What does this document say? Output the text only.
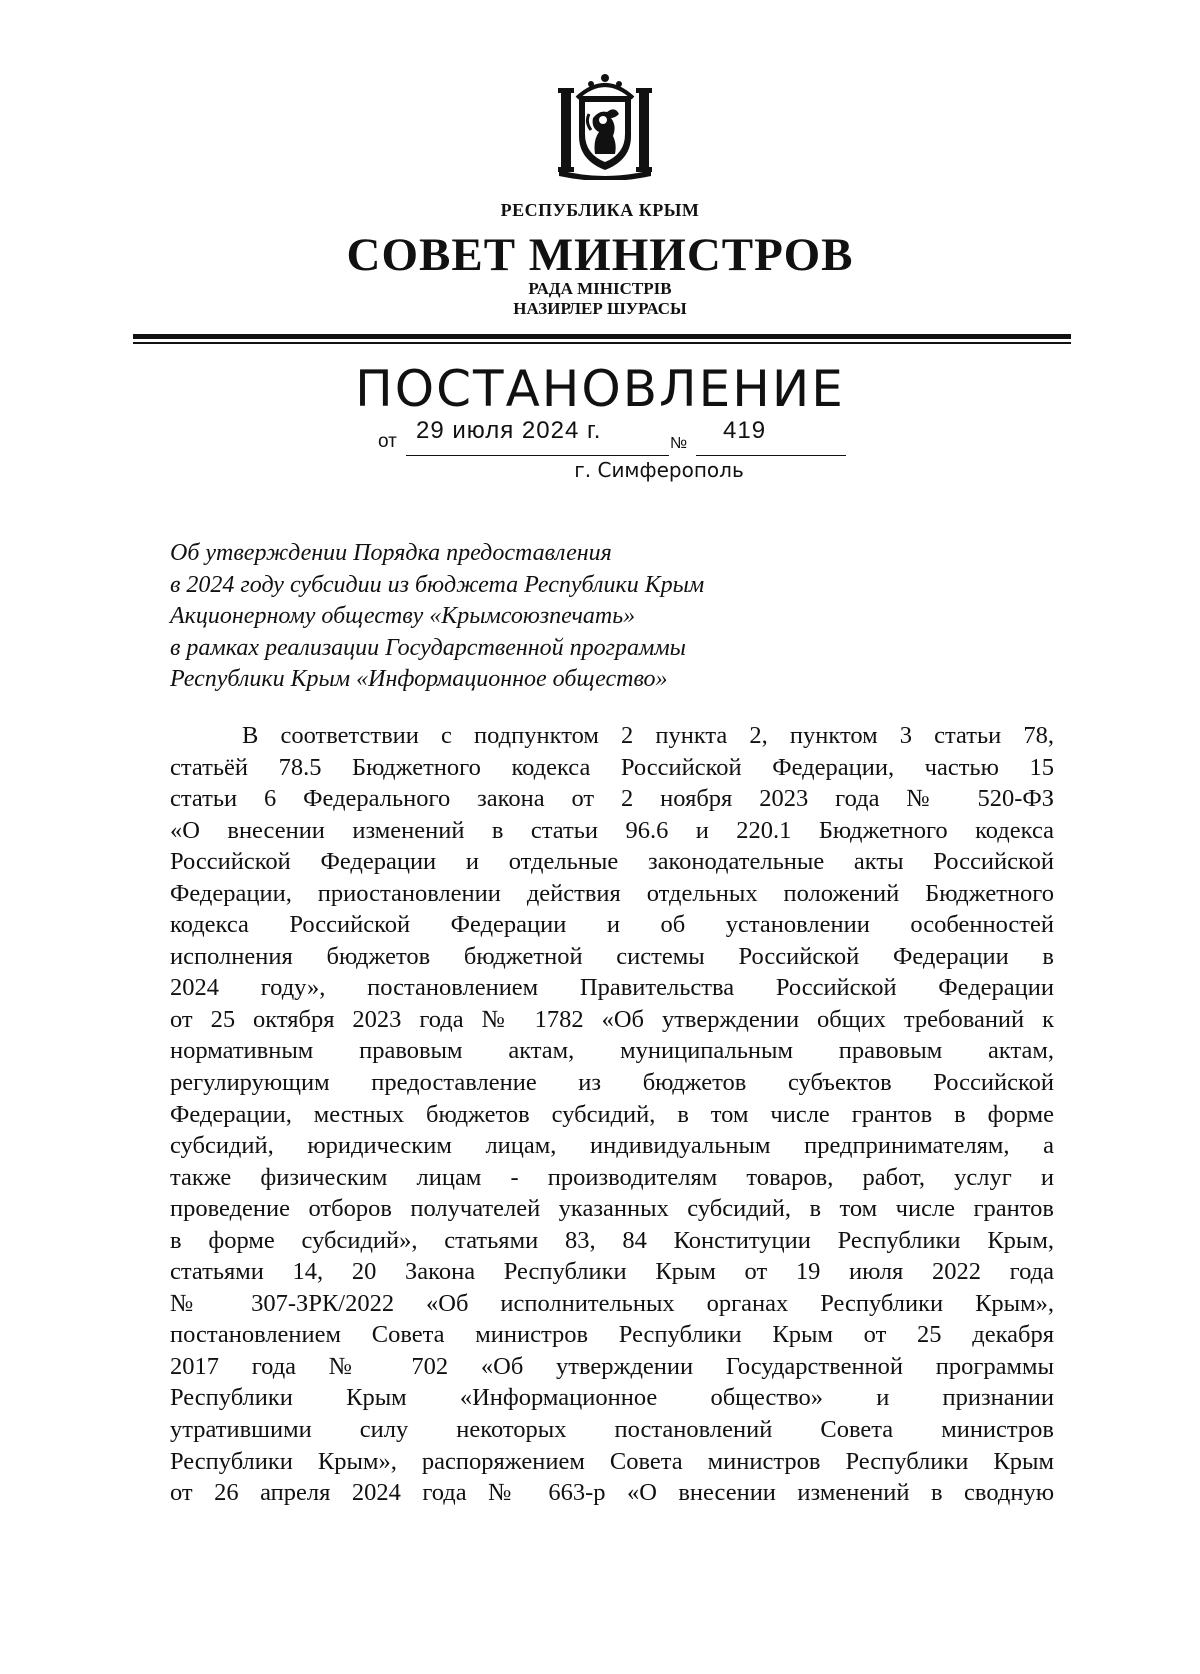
РЕСПУБЛИКА КРЫМ
СОВЕТ МИНИСТРОВ
РАДА МІНІСТРІВ
НАЗИРЛЕР ШУРАСЫ
ПОСТАНОВЛЕНИЕ
от 29 июля 2024 г.	№ 419
г. Симферополь
Об утверждении Порядка предоставления
в 2024 году субсидии из бюджета Республики Крым
Акционерному обществу «Крымсоюзпечать»
в рамках реализации Государственной программы
Республики Крым «Информационное общество»
В соответствии с подпунктом 2 пункта 2, пунктом 3 статьи 78,
статьёй 78.5 Бюджетного кодекса Российской Федерации, частью 15
статьи 6 Федерального закона от 2 ноября 2023 года № 520-ФЗ
«О внесении изменений в статьи 96.6 и 220.1 Бюджетного кодекса
Российской Федерации и отдельные законодательные акты Российской
Федерации, приостановлении действия отдельных положений Бюджетного
кодекса Российской Федерации и об установлении особенностей
исполнения бюджетов бюджетной системы Российской Федерации в
2024 году», постановлением Правительства Российской Федерации
от 25 октября 2023 года № 1782 «Об утверждении общих требований к
нормативным правовым актам, муниципальным правовым актам,
регулирующим предоставление из бюджетов субъектов Российской
Федерации, местных бюджетов субсидий, в том числе грантов в форме
субсидий, юридическим лицам, индивидуальным предпринимателям, а
также физическим лицам - производителям товаров, работ, услуг и
проведение отборов получателей указанных субсидий, в том числе грантов
в форме субсидий», статьями 83, 84 Конституции Республики Крым,
статьями 14, 20 Закона Республики Крым от 19 июля 2022 года
№ 307-ЗРК/2022 «Об исполнительных органах Республики Крым»,
постановлением Совета министров Республики Крым от 25 декабря
2017 года № 702 «Об утверждении Государственной программы
Республики Крым «Информационное общество» и признании
утратившими силу некоторых постановлений Совета министров
Республики Крым», распоряжением Совета министров Республики Крым
от 26 апреля 2024 года № 663-р «О внесении изменений в сводную
